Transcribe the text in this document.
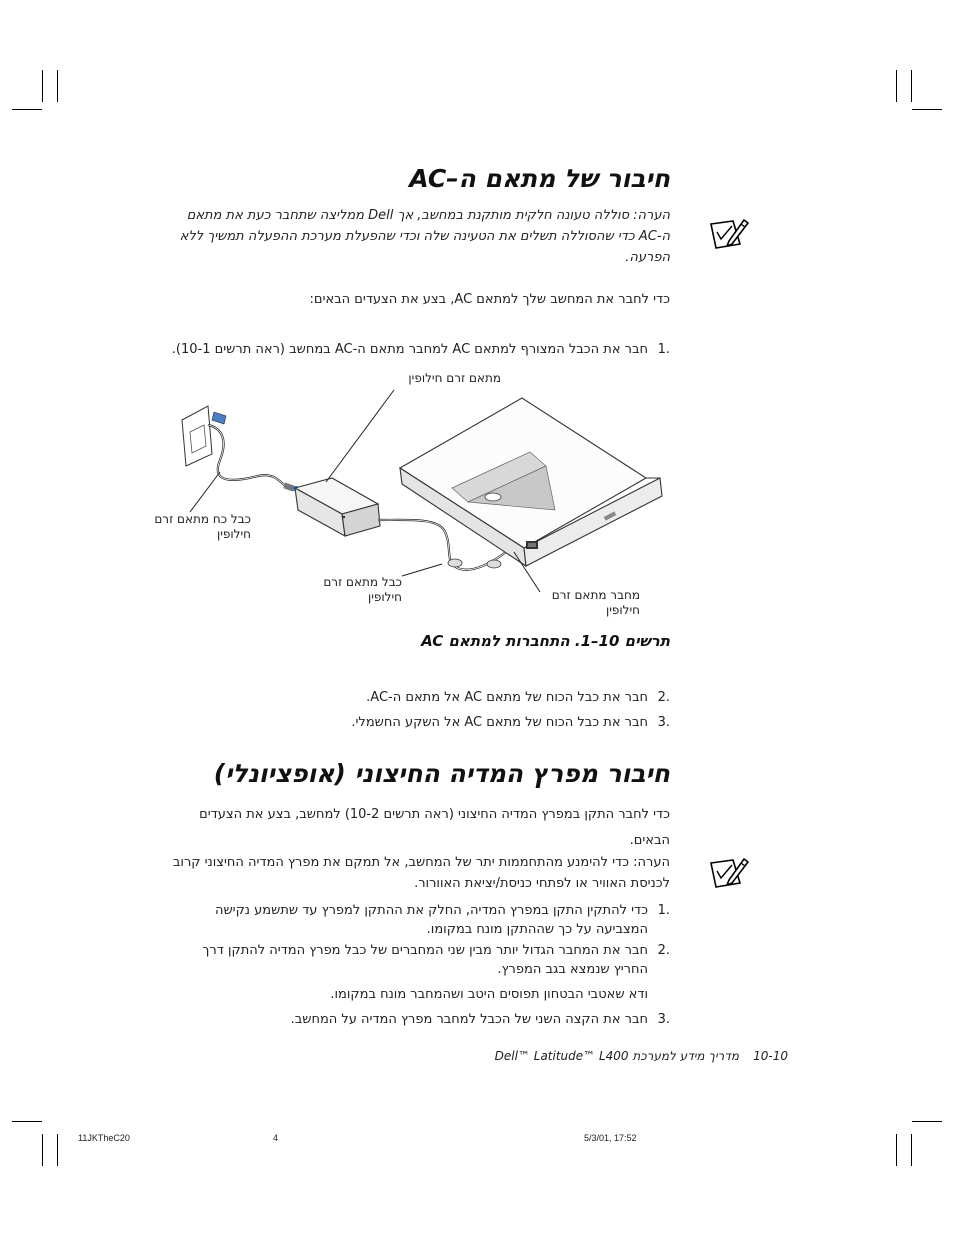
חיבור של מתאם ה–AC
הערה: סוללה טעונה חלקית מותקנת במחשב, אך Dell ממליצה שתחבר כעת את מתאם ה-AC כדי שהסוללה תשלים את הטעינה שלה וכדי שהפעלת מערכת ההפעלה תמשיך ללא הפרעה.
כדי לחבר את המחשב שלך למתאם AC, בצע את הצעדים הבאים:
.1
חבר את הכבל המצורף למתאם AC למחבר מתאם ה-AC במחשב (ראה תרשים 10-1).
מתאם זרם חילופין
כבל כח מתאם זרם
חילופין
כבל מתאם זרם
חילופין	מחבר מתאם זרם
חילופין
תרשים 10–1. התחברות למתאם AC
.2
חבר את כבל הכוח של מתאם AC אל מתאם ה-AC.
.3
חבר את כבל הכוח של מתאם AC אל השקע החשמלי.
חיבור מפרץ המדיה החיצוני (אופציונלי)
כדי לחבר התקן במפרץ המדיה החיצוני (ראה תרשים 10-2) למחשב, בצע את הצעדים הבאים.
הערה: כדי להימנע מהתחממות יתר של המחשב, אל תמקם את מפרץ המדיה החיצוני קרוב לכניסת האוויר או לפתחי כניסת/יציאת האוורור.
.1
כדי להתקין התקן במפרץ המדיה, החלק את ההתקן למפרץ עד שתשמע נקישה המצביעה על כך שההתקן מונח במקומו.
.2
חבר את המחבר הגדול יותר מבין שני המחברים של כבל מפרץ המדיה להתקן דרך החריץ שנמצא בגב המפרץ.
ודא שאטבי הבטחון תפוסים היטב ושהמחבר מונח במקומו.
.3
חבר את הקצה השני של הכבל למחבר מפרץ המדיה על המחשב.
10-10
מדריך מידע למערכת Dell™ Latitude™ L400
11JKTheC20	4	5/3/01, 17:52
